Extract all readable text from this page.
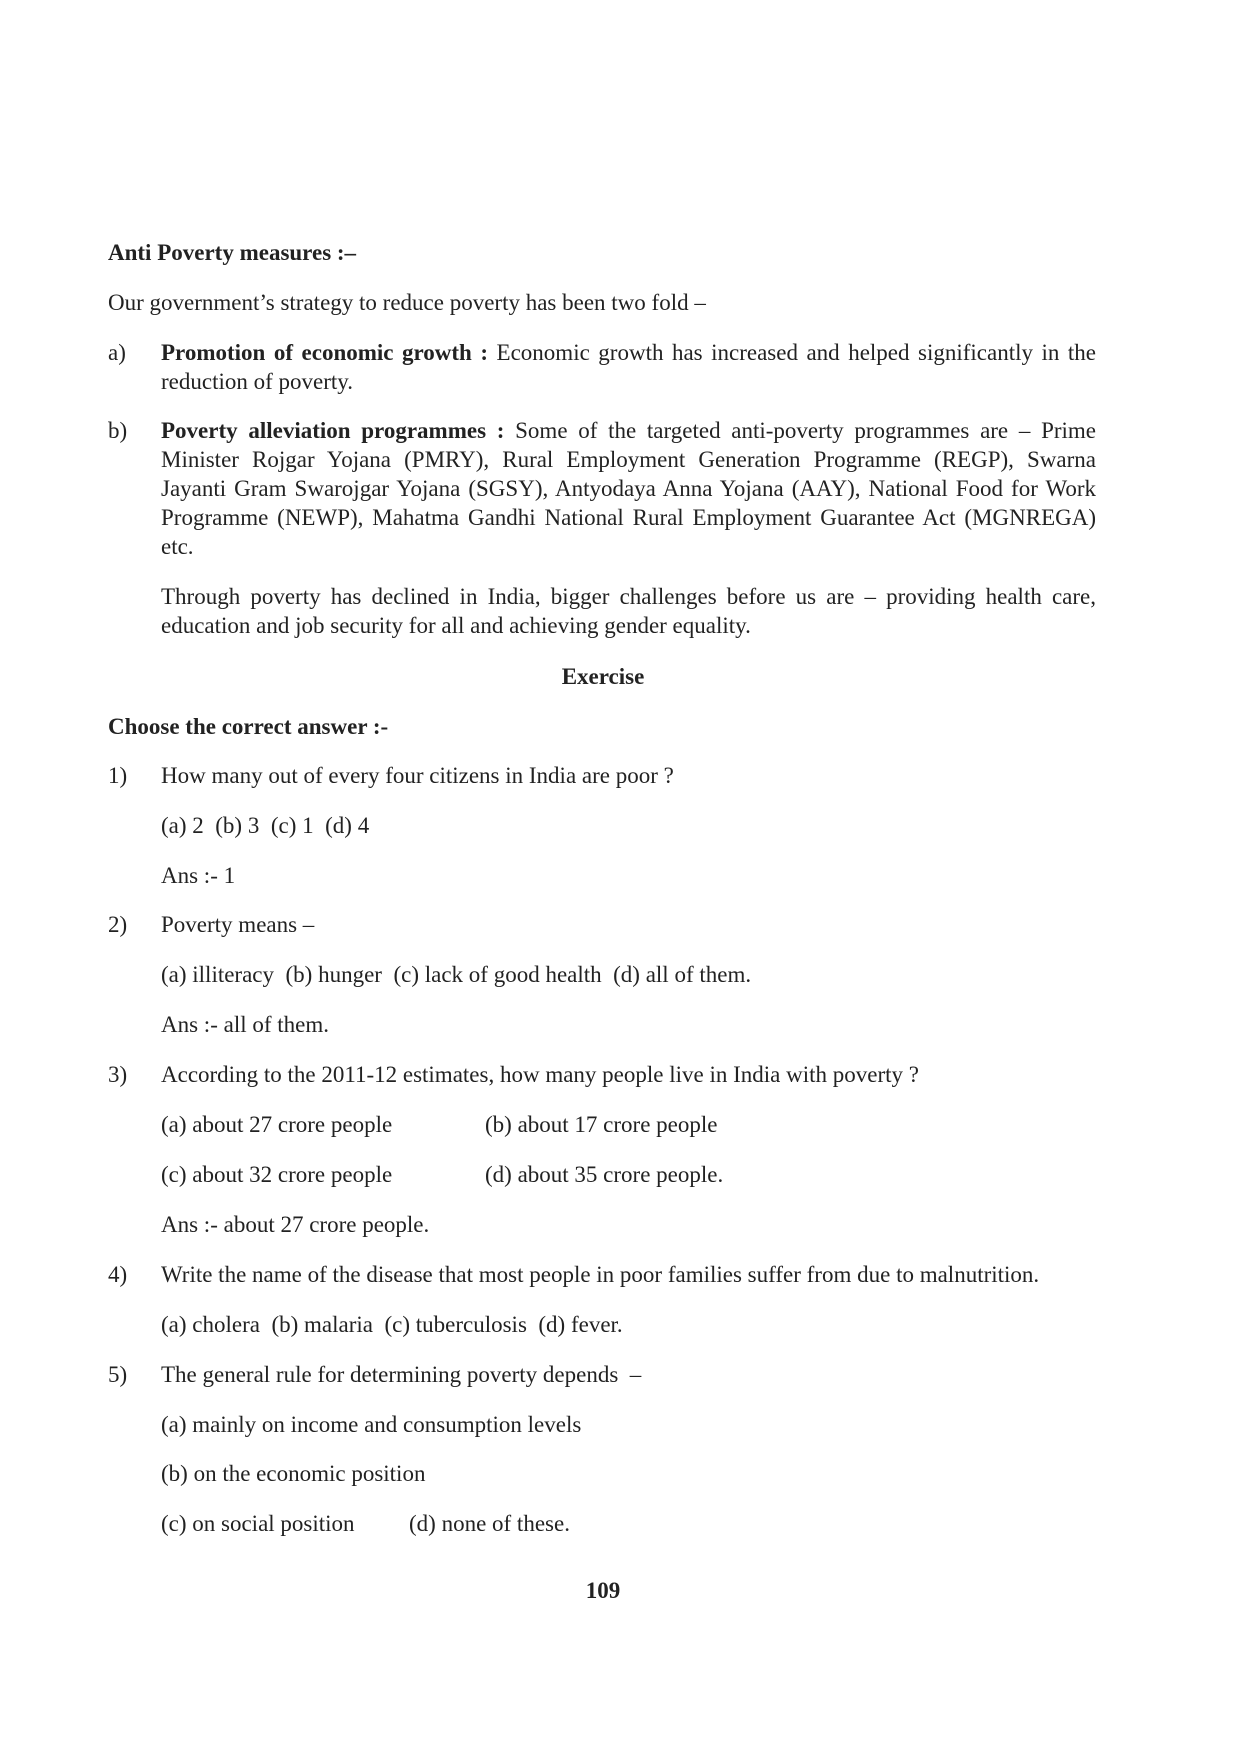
Anti Poverty measures :–
Our government’s strategy to reduce poverty has been two fold –
a) Promotion of economic growth : Economic growth has increased and helped significantly in the reduction of poverty.
b) Poverty alleviation programmes : Some of the targeted anti-poverty programmes are – Prime Minister Rojgar Yojana (PMRY), Rural Employment Generation Programme (REGP), Swarna Jayanti Gram Swarojgar Yojana (SGSY), Antyodaya Anna Yojana (AAY), National Food for Work Programme (NEWP), Mahatma Gandhi National Rural Employment Guarantee Act (MGNREGA) etc.
Through poverty has declined in India, bigger challenges before us are – providing health care, education and job security for all and achieving gender equality.
Exercise
Choose the correct answer :-
1) How many out of every four citizens in India are poor ?
(a) 2  (b) 3  (c) 1  (d) 4
Ans :- 1
2) Poverty means –
(a) illiteracy  (b) hunger  (c) lack of good health  (d) all of them.
Ans :- all of them.
3) According to the 2011-12 estimates, how many people live in India with poverty ?
(a) about 27 crore people	(b) about 17 crore people
(c) about 32 crore people	(d) about 35 crore people.
Ans :- about 27 crore people.
4) Write the name of the disease that most people in poor families suffer from due to malnutrition.
(a) cholera  (b) malaria  (c) tuberculosis  (d) fever.
5) The general rule for determining poverty depends  –
(a) mainly on income and consumption levels
(b) on the economic position
(c) on social position (d) none of these.
109
